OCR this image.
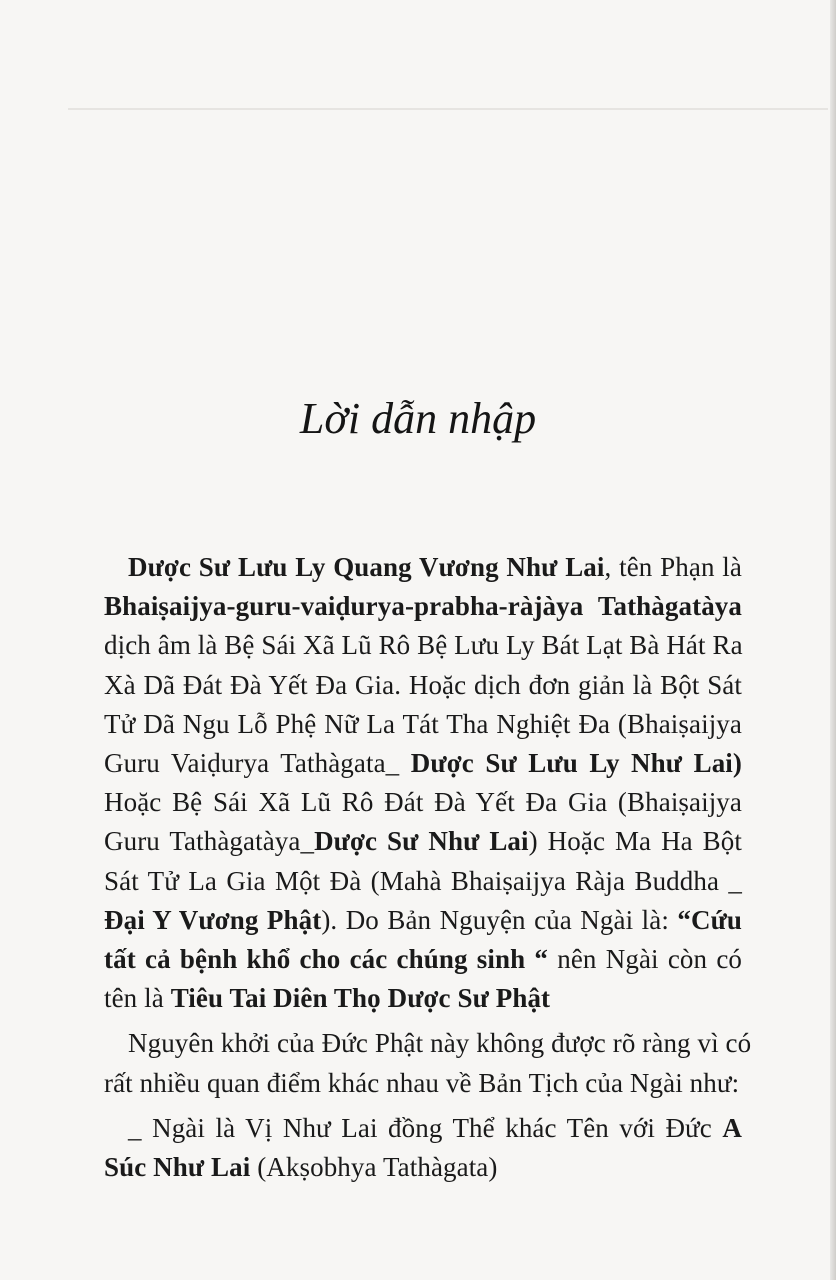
Lời dẫn nhập
Dược Sư Lưu Ly Quang Vương Như Lai, tên Phạn là
Bhaiṣaijya-guru-vaiḍurya-prabha-ràjàya Tathàgatàya
dịch âm là Bệ Sái Xã Lũ Rô Bệ Lưu Ly Bát Lạt Bà Hát Ra
Xà Dã Đát Đà Yết Đa Gia. Hoặc dịch đơn giản là Bột Sát
Tử Dã Ngu Lỗ Phệ Nữ La Tát Tha Nghiệt Đa (Bhaiṣaijya
Guru Vaiḍurya Tathàgata_ Dược Sư Lưu Ly Như Lai)
Hoặc Bệ Sái Xã Lũ Rô Đát Đà Yết Đa Gia (Bhaiṣaijya
Guru Tathàgatàya_Dược Sư Như Lai) Hoặc Ma Ha Bột
Sát Tử La Gia Một Đà (Mahà Bhaiṣaijya Ràja Buddha _
Đại Y Vương Phật). Do Bản Nguyện của Ngài là: “Cứu
tất cả bệnh khổ cho các chúng sinh “ nên Ngài còn có
tên là Tiêu Tai Diên Thọ Dược Sư Phật
Nguyên khởi của Đức Phật này không được rõ ràng vì có
rất nhiều quan điểm khác nhau về Bản Tịch của Ngài như:
_ Ngài là Vị Như Lai đồng Thể khác Tên với Đức A
Súc Như Lai (Akṣobhya Tathàgata)
